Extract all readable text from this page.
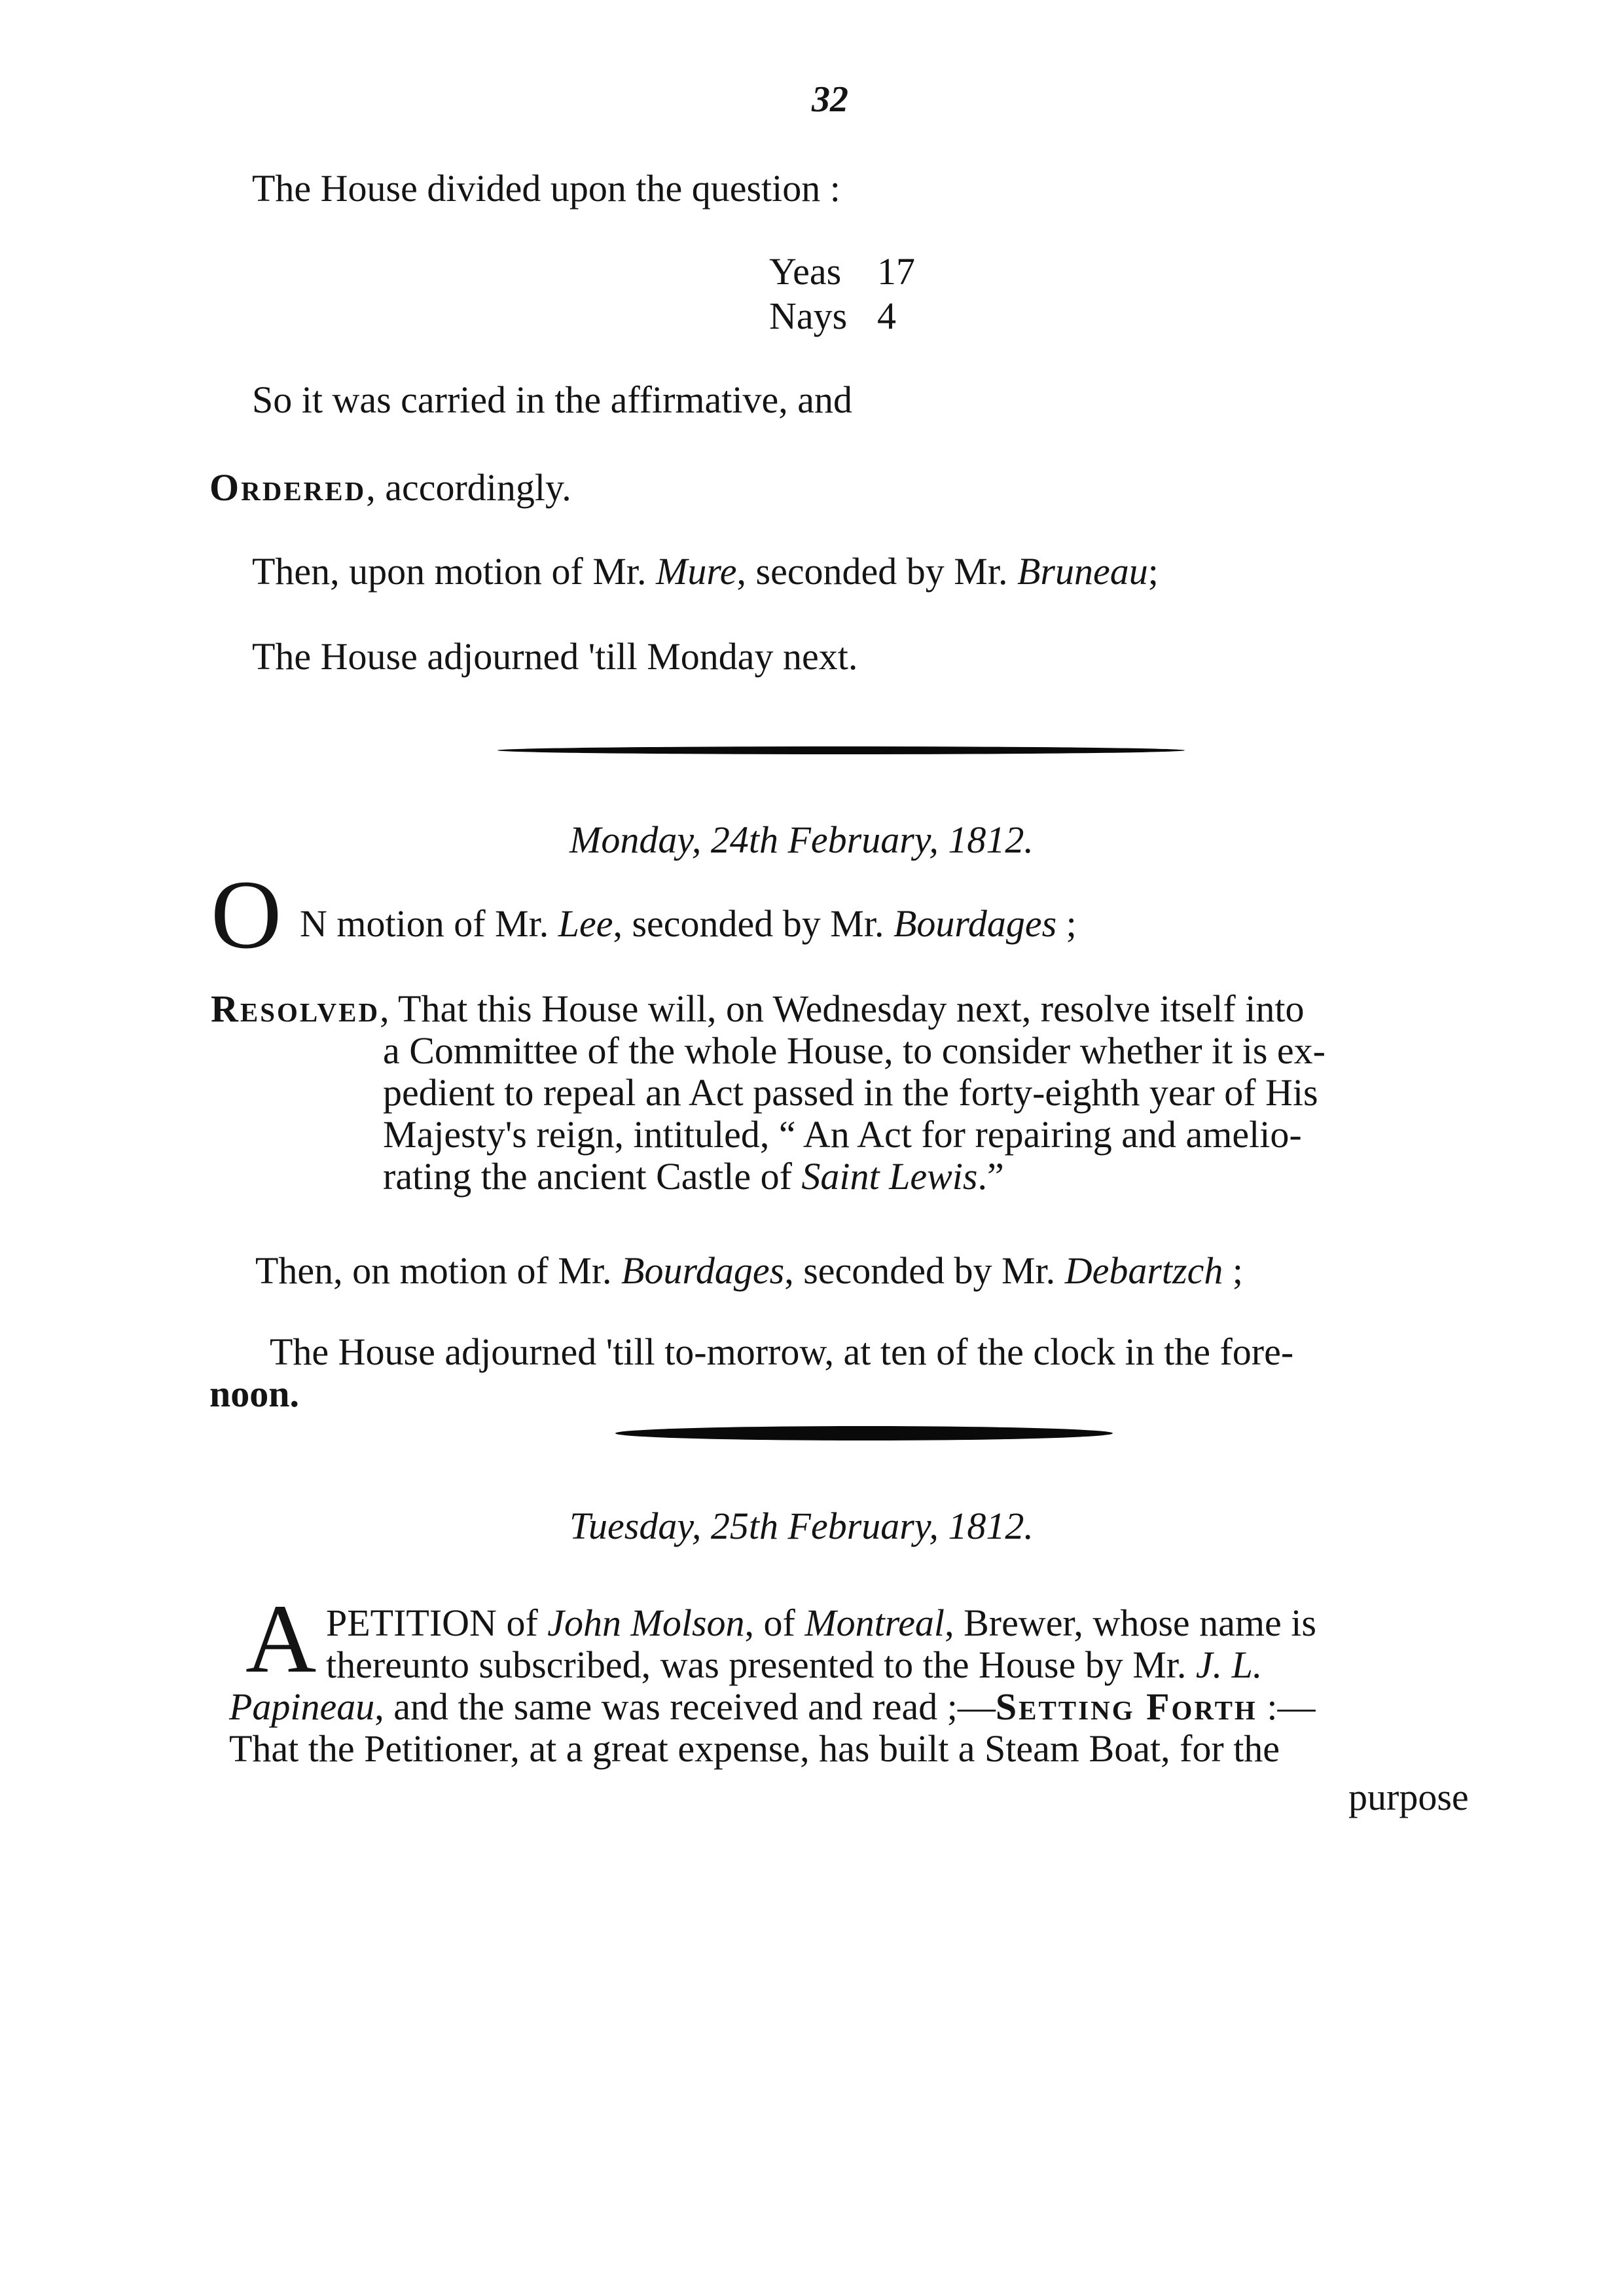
32
The House divided upon the question :
Yeas 17
Nays 4
So it was carried in the affirmative, and
Ordered, accordingly.
Then, upon motion of Mr. Mure, seconded by Mr. Bruneau;
The House adjourned 'till Monday next.
Monday, 24th February, 1812.
O N motion of Mr. Lee, seconded by Mr. Bourdages ;
Resolved, That this House will, on Wednesday next, resolve itself into
a Committee of the whole House, to consider whether it is ex-
pedient to repeal an Act passed in the forty-eighth year of His
Majesty's reign, intituled, “ An Act for repairing and amelio-
rating the ancient Castle of Saint Lewis.”
Then, on motion of Mr. Bourdages, seconded by Mr. Debartzch ;
The House adjourned 'till to-morrow, at ten of the clock in the fore-
noon.
Tuesday, 25th February, 1812.
A PETITION of John Molson, of Montreal, Brewer, whose name is
thereunto subscribed, was presented to the House by Mr. J. L.
Papineau, and the same was received and read ;—Setting Forth :—
That the Petitioner, at a great expense, has built a Steam Boat, for the
purpose
